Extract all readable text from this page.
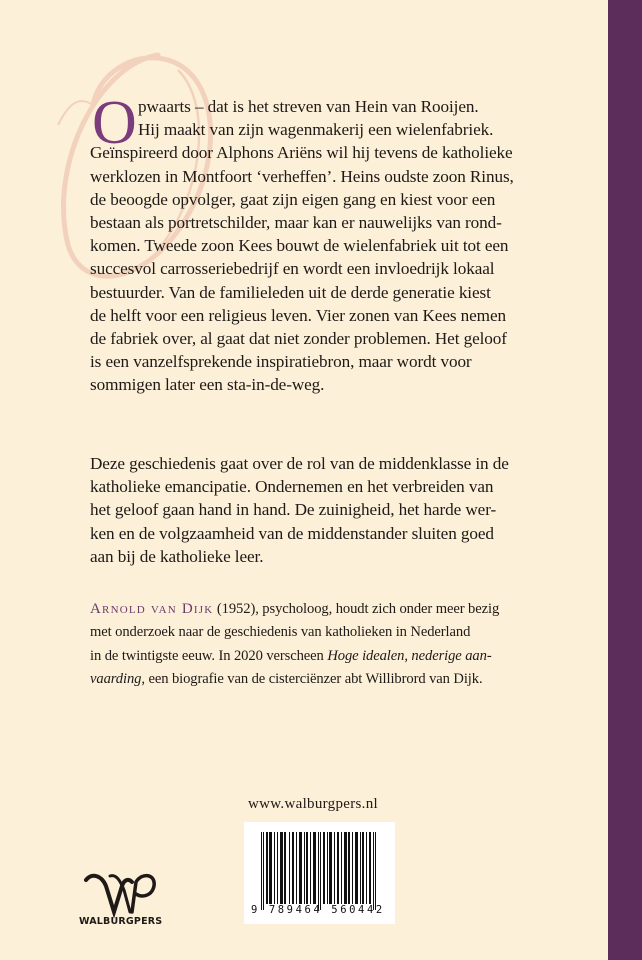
O pwaarts – dat is het streven van Hein van Rooijen.
Hij maakt van zijn wagenmakerij een wielenfabriek.
Geïnspireerd door Alphons Ariëns wil hij tevens de katholieke
werklozen in Montfoort ‘verheffen’. Heins oudste zoon Rinus,
de beoogde opvolger, gaat zijn eigen gang en kiest voor een
bestaan als portretschilder, maar kan er nauwelijks van rond-
komen. Tweede zoon Kees bouwt de wielenfabriek uit tot een
succesvol carrosseriebedrijf en wordt een invloedrijk lokaal
bestuurder. Van de familieleden uit de derde generatie kiest
de helft voor een religieus leven. Vier zonen van Kees nemen
de fabriek over, al gaat dat niet zonder problemen. Het geloof
is een vanzelfsprekende inspiratiebron, maar wordt voor
sommigen later een sta-in-de-weg.
Deze geschiedenis gaat over de rol van de middenklasse in de
katholieke emancipatie. Ondernemen en het verbreiden van
het geloof gaan hand in hand. De zuinigheid, het harde wer-
ken en de volgzaamheid van de middenstander sluiten goed
aan bij de katholieke leer.
Arnold van Dijk (1952), psycholoog, houdt zich onder meer bezig
met onderzoek naar de geschiedenis van katholieken in Nederland
in de twintigste eeuw. In 2020 verscheen Hoge idealen, nederige aan-
vaarding, een biografie van de cisterciënzer abt Willibrord van Dijk.
www.walburgpers.nl
9 789464 560442
WALBURGPERS
